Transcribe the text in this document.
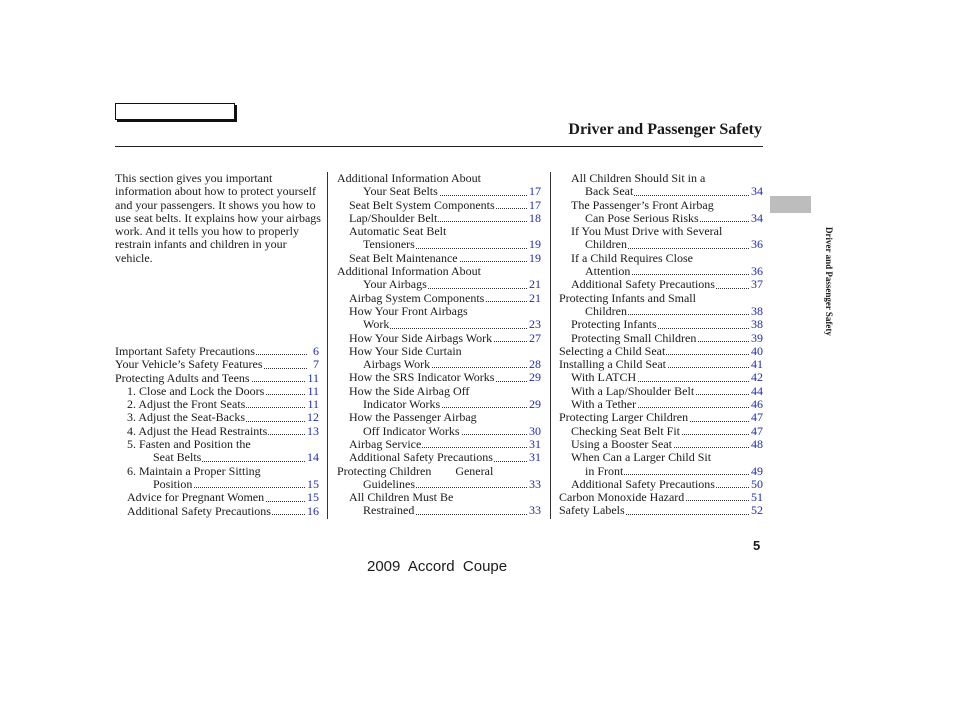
Driver and Passenger Safety
This section gives you important information about how to protect yourself and your passengers. It shows you how to use seat belts. It explains how your airbags work. And it tells you how to properly restrain infants and children in your vehicle.
Important Safety Precautions	6
Your Vehicle’s Safety Features	7
Protecting Adults and Teens	11
1. Close and Lock the Doors	11
2. Adjust the Front Seats	11
3. Adjust the Seat-Backs	12
4. Adjust the Head Restraints	13
5. Fasten and Position the
Seat Belts	14
6. Maintain a Proper Sitting
Position	15
Advice for Pregnant Women	15
Additional Safety Precautions	16
Additional Information About
Your Seat Belts	17
Seat Belt System Components	17
Lap/Shoulder Belt	18
Automatic Seat Belt
Tensioners	19
Seat Belt Maintenance	19
Additional Information About
Your Airbags	21
Airbag System Components	21
How Your Front Airbags
Work	23
How Your Side Airbags Work	27
How Your Side Curtain
Airbags Work	28
How the SRS Indicator Works	29
How the Side Airbag Off
Indicator Works	29
How the Passenger Airbag
Off Indicator Works	30
Airbag Service	31
Additional Safety Precautions	31
Protecting Children  General
Guidelines	33
All Children Must Be
Restrained	33
All Children Should Sit in a
Back Seat	34
The Passenger’s Front Airbag
Can Pose Serious Risks	34
If You Must Drive with Several
Children	36
If a Child Requires Close
Attention	36
Additional Safety Precautions	37
Protecting Infants and Small
Children	38
Protecting Infants	38
Protecting Small Children	39
Selecting a Child Seat	40
Installing a Child Seat	41
With LATCH	42
With a Lap/Shoulder Belt	44
With a Tether	46
Protecting Larger Children	47
Checking Seat Belt Fit	47
Using a Booster Seat	48
When Can a Larger Child Sit
in Front	49
Additional Safety Precautions	50
Carbon Monoxide Hazard	51
Safety Labels	52
Driver and Passenger Safety
5
2009  Accord  Coupe
